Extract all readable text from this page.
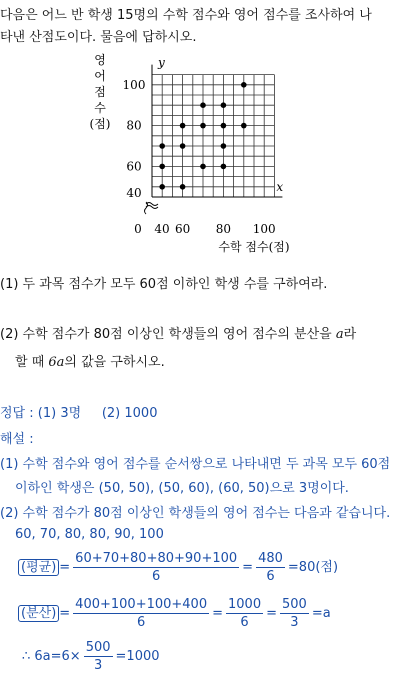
다음은 어느 반 학생 15명의 수학 점수와 영어 점수를 조사하여 나
타낸 산점도이다. 물음에 답하시오.
40 60 80 100
40
60
80
100
0
y
x
영
어
점
수
(점)
수학 점수(점)
(1) 두 과목 점수가 모두 60점 이하인 학생 수를 구하여라.
(2) 수학 점수가 80점 이상인 학생들의 영어 점수의 분산을 a라
할 때 6a의 값을 구하시오.
정답 : (1) 3명 (2) 1000
해설 :
(1) 수학 점수와 영어 점수를 순서쌍으로 나타내면 두 과목 모두 60점
이하인 학생은 (50, 50), (50, 60), (60, 50)으로 3명이다.
(2) 수학 점수가 80점 이상인 학생들의 영어 점수는 다음과 같습니다.
60, 70, 80, 80, 90, 100
(평균) = $\frac{60+70+80+80+90+100}{6} = \frac{480}{6} =80$(점)
(분산) = $\frac{400+100+100+400}{6} = \frac{1000}{6} = \frac{500}{3} =a$
∴ $6a=6\times \frac{500}{3} =1000$
